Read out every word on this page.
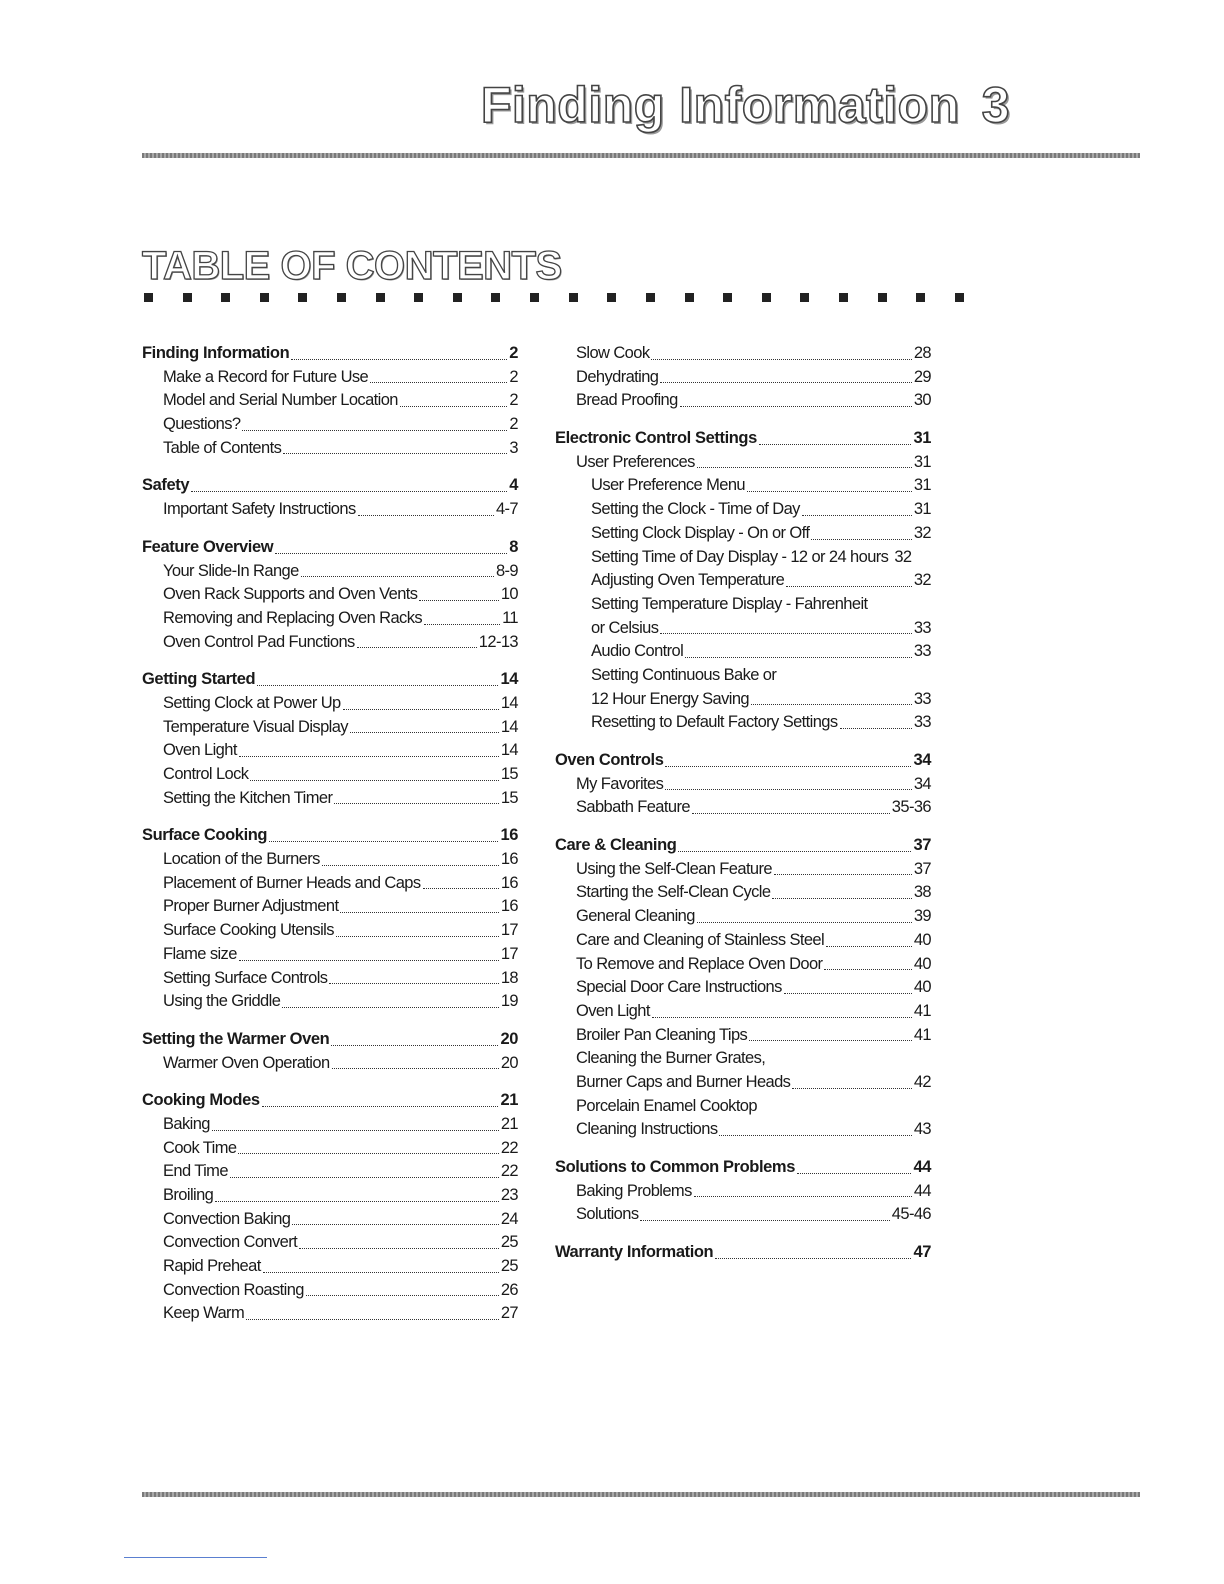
Finding Information 3
TABLE OF CONTENTS
Finding Information	2
Make a Record for Future Use	2
Model and Serial Number Location	2
Questions?	2
Table of Contents	3
Safety	4
Important Safety Instructions	4-7
Feature Overview	8
Your Slide-In Range	8-9
Oven Rack Supports and Oven Vents	10
Removing and Replacing Oven Racks	11
Oven Control Pad Functions	12-13
Getting Started	14
Setting Clock at Power Up	14
Temperature Visual Display	14
Oven Light	14
Control Lock	15
Setting the Kitchen Timer	15
Surface Cooking	16
Location of the Burners	16
Placement of Burner Heads and Caps	16
Proper Burner Adjustment	16
Surface Cooking Utensils	17
Flame size	17
Setting Surface Controls	18
Using the Griddle	19
Setting the Warmer Oven	20
Warmer Oven Operation	20
Cooking Modes	21
Baking	21
Cook Time	22
End Time	22
Broiling	23
Convection Baking	24
Convection Convert	25
Rapid Preheat	25
Convection Roasting	26
Keep Warm	27
Slow Cook	28
Dehydrating	29
Bread Proofing	30
Electronic Control Settings	31
User Preferences	31
User Preference Menu	31
Setting the Clock - Time of Day	31
Setting Clock Display - On or Off	32
Setting Time of Day Display - 12 or 24 hours 32
Adjusting Oven Temperature	32
Setting Temperature Display - Fahrenheit
or Celsius	33
Audio Control	33
Setting Continuous Bake or
12 Hour Energy Saving	33
Resetting to Default Factory Settings	33
Oven Controls	34
My Favorites	34
Sabbath Feature	35-36
Care & Cleaning	37
Using the Self-Clean Feature	37
Starting the Self-Clean Cycle	38
General Cleaning	39
Care and Cleaning of Stainless Steel	40
To Remove and Replace Oven Door	40
Special Door Care Instructions	40
Oven Light	41
Broiler Pan Cleaning Tips	41
Cleaning the Burner Grates,
Burner Caps and Burner Heads	42
Porcelain Enamel Cooktop
Cleaning Instructions	43
Solutions to Common Problems	44
Baking Problems	44
Solutions	45-46
Warranty Information	47
